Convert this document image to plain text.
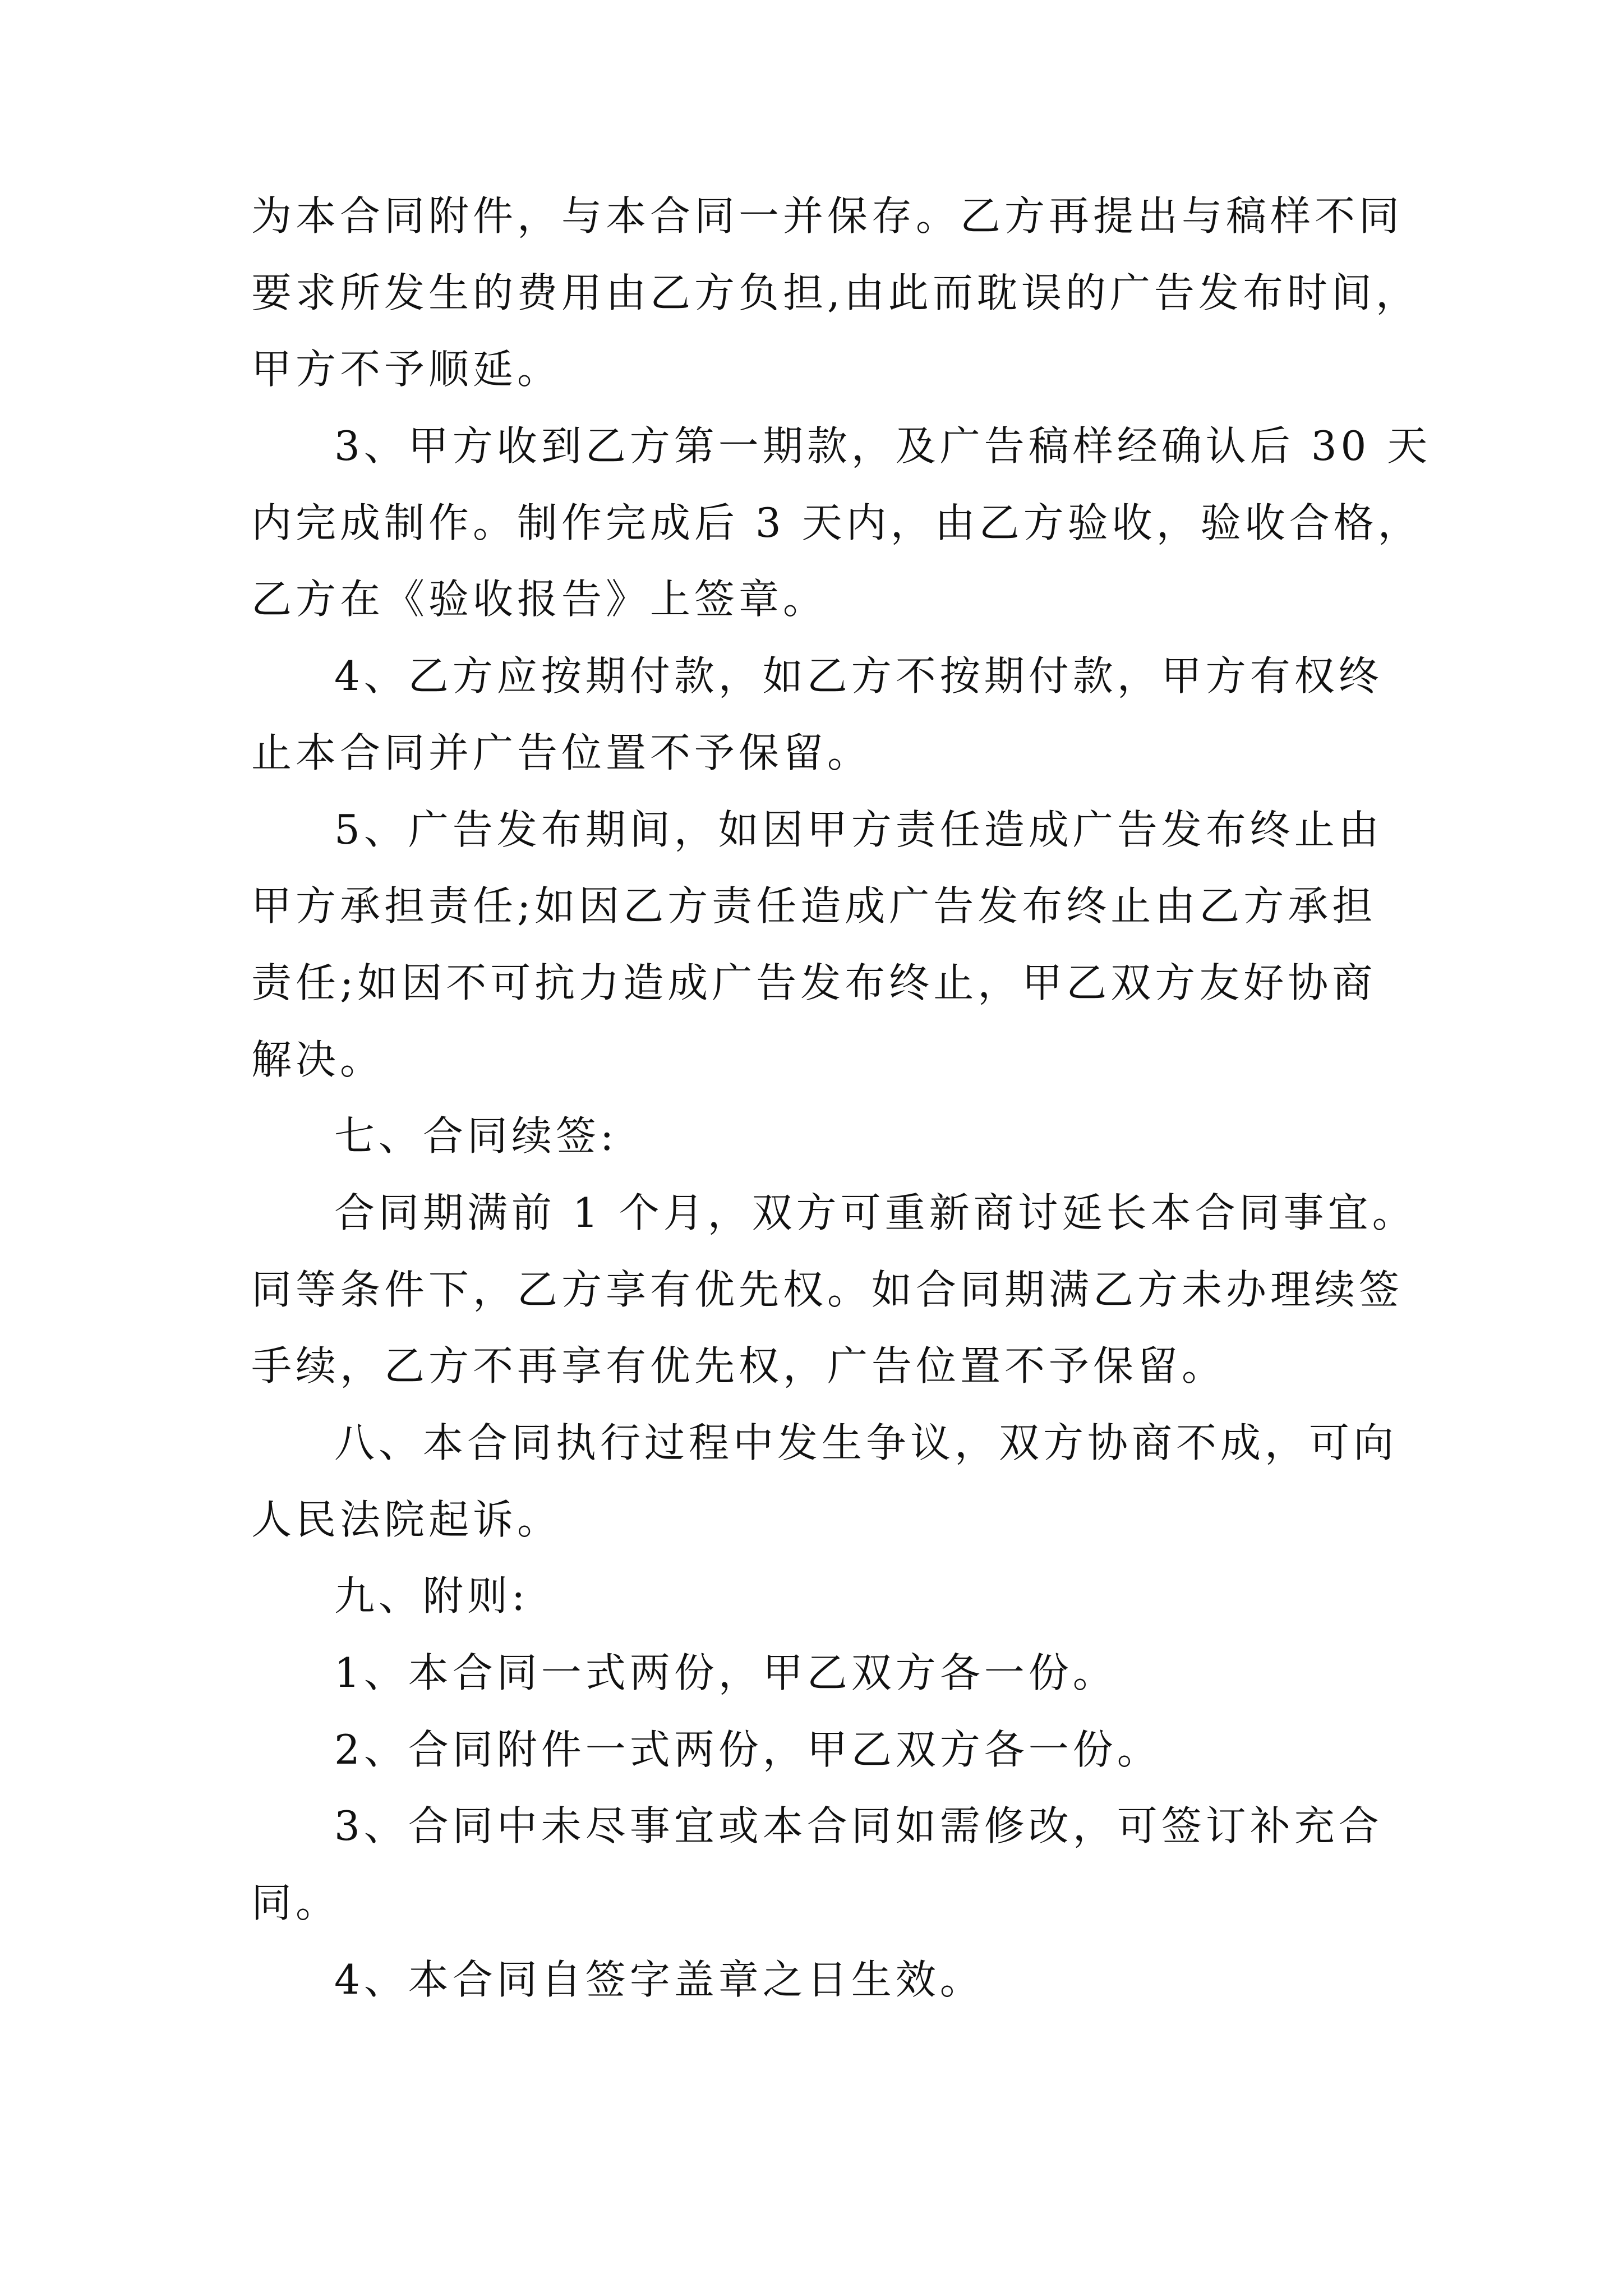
为本合同附件，与本合同一并保存。乙方再提出与稿样不同
要求所发生的费用由乙方负担,由此而耽误的广告发布时间，
甲方不予顺延。
3、甲方收到乙方第一期款，及广告稿样经确认后 30 天
内完成制作。制作完成后 3 天内，由乙方验收，验收合格，
乙方在《验收报告》上签章。
4、乙方应按期付款，如乙方不按期付款，甲方有权终
止本合同并广告位置不予保留。
5、广告发布期间，如因甲方责任造成广告发布终止由
甲方承担责任;如因乙方责任造成广告发布终止由乙方承担
责任;如因不可抗力造成广告发布终止，甲乙双方友好协商
解决。
七、合同续签:
合同期满前 1 个月，双方可重新商讨延长本合同事宜。
同等条件下，乙方享有优先权。如合同期满乙方未办理续签
手续，乙方不再享有优先权，广告位置不予保留。
八、本合同执行过程中发生争议，双方协商不成，可向
人民法院起诉。
九、附则:
1、本合同一式两份，甲乙双方各一份。
2、合同附件一式两份，甲乙双方各一份。
3、合同中未尽事宜或本合同如需修改，可签订补充合
同。
4、本合同自签字盖章之日生效。
